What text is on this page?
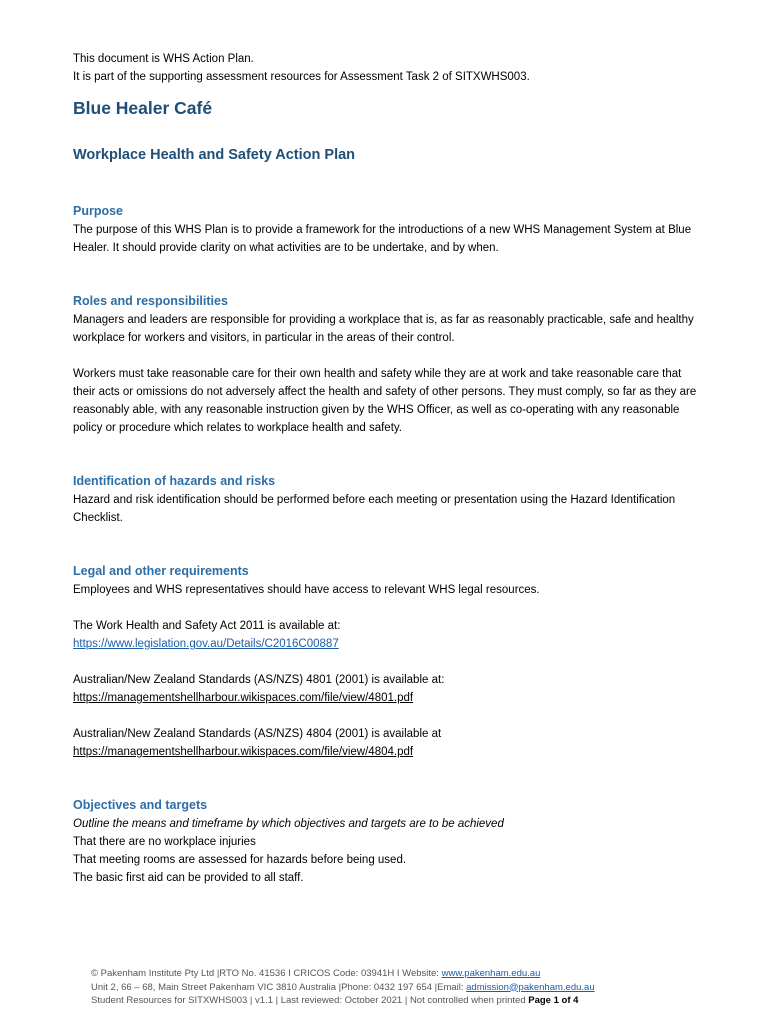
This document is WHS Action Plan.

It is part of the supporting assessment resources for Assessment Task 2 of SITXWHS003.

Blue Healer Café
Workplace Health and Safety Action Plan
Purpose

The purpose of this WHS Plan is to provide a framework for the introductions of a new WHS Management System at Blue Healer. It should provide clarity on what activities are to be undertake, and by when.

Roles and responsibilities

Managers and leaders are responsible for providing a workplace that is, as far as reasonably practicable, safe and healthy workplace for workers and visitors, in particular in the areas of their control.

Workers must take reasonable care for their own health and safety while they are at work and take reasonable care that their acts or omissions do not adversely affect the health and safety of other persons. They must comply, so far as they are reasonably able, with any reasonable instruction given by the WHS Officer, as well as co-operating with any reasonable policy or procedure which relates to workplace health and safety.

Identification of hazards and risks

Hazard and risk identification should be performed before each meeting or presentation using the Hazard Identification Checklist.

Legal and other requirements

Employees and WHS representatives should have access to relevant WHS legal resources.

The Work Health and Safety Act 2011 is available at:

https://www.legislation.gov.au/Details/C2016C00887

Australian/New Zealand Standards (AS/NZS) 4801 (2001) is available at:

https://managementshellharbour.wikispaces.com/file/view/4801.pdf

Australian/New Zealand Standards (AS/NZS) 4804 (2001) is available at

https://managementshellharbour.wikispaces.com/file/view/4804.pdf

Objectives and targets

Outline the means and timeframe by which objectives and targets are to be achieved

That there are no workplace injuries

That meeting rooms are assessed for hazards before being used.

The basic first aid can be provided to all staff.

© Pakenham Institute Pty Ltd |RTO No. 41536 I CRICOS Code: 03941H I Website: www.pakenham.edu.au
Unit 2, 66 – 68, Main Street Pakenham VIC 3810 Australia |Phone: 0432 197 654 |Email: admission@pakenham.edu.au
Student Resources for SITXWHS003 | v1.1 | Last reviewed: October 2021 | Not controlled when printed Page 1 of 4
